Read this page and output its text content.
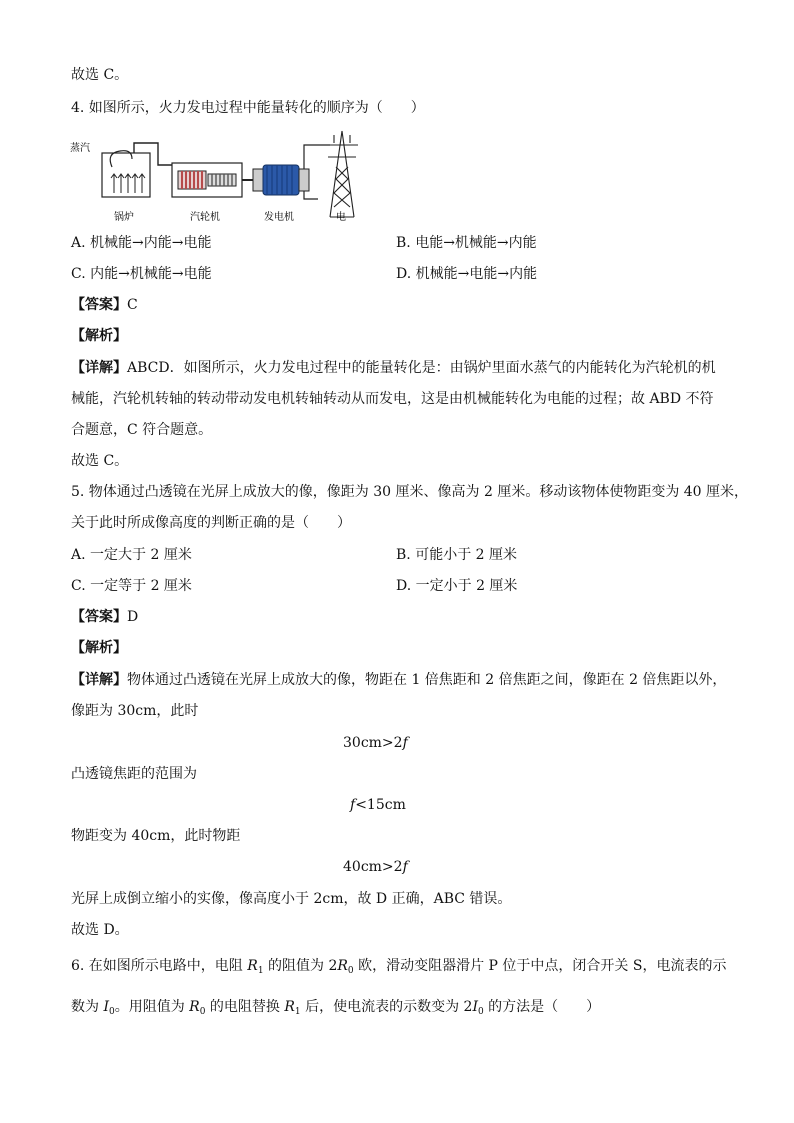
故选 C。
4. 如图所示，火力发电过程中能量转化的顺序为（　　）
蒸汽
锅炉	汽轮机	发电机	电
A. 机械能→内能→电能	B. 电能→机械能→内能
C. 内能→机械能→电能	D. 机械能→电能→内能
【答案】C
【解析】
【详解】ABCD．如图所示，火力发电过程中的能量转化是：由锅炉里面水蒸气的内能转化为汽轮机的机
械能，汽轮机转轴的转动带动发电机转轴转动从而发电，这是由机械能转化为电能的过程；故 ABD 不符
合题意，C 符合题意。
故选 C。
5. 物体通过凸透镜在光屏上成放大的像，像距为 30 厘米、像高为 2 厘米。移动该物体使物距变为 40 厘米，
关于此时所成像高度的判断正确的是（　　）
A. 一定大于 2 厘米	B. 可能小于 2 厘米
C. 一定等于 2 厘米	D. 一定小于 2 厘米
【答案】D
【解析】
【详解】物体通过凸透镜在光屏上成放大的像，物距在 1 倍焦距和 2 倍焦距之间，像距在 2 倍焦距以外，
像距为 30cm，此时
30cm>2f
凸透镜焦距的范围为
f<15cm
物距变为 40cm，此时物距
40cm>2f
光屏上成倒立缩小的实像，像高度小于 2cm，故 D 正确，ABC 错误。
故选 D。
6. 在如图所示电路中，电阻 $R_1$ 的阻值为 $2R_0$ 欧，滑动变阻器滑片 P 位于中点，闭合开关 S，电流表的示
数为 $I_0$。用阻值为 $R_0$ 的电阻替换 $R_1$ 后，使电流表的示数变为 $2I_0$ 的方法是（　　）
